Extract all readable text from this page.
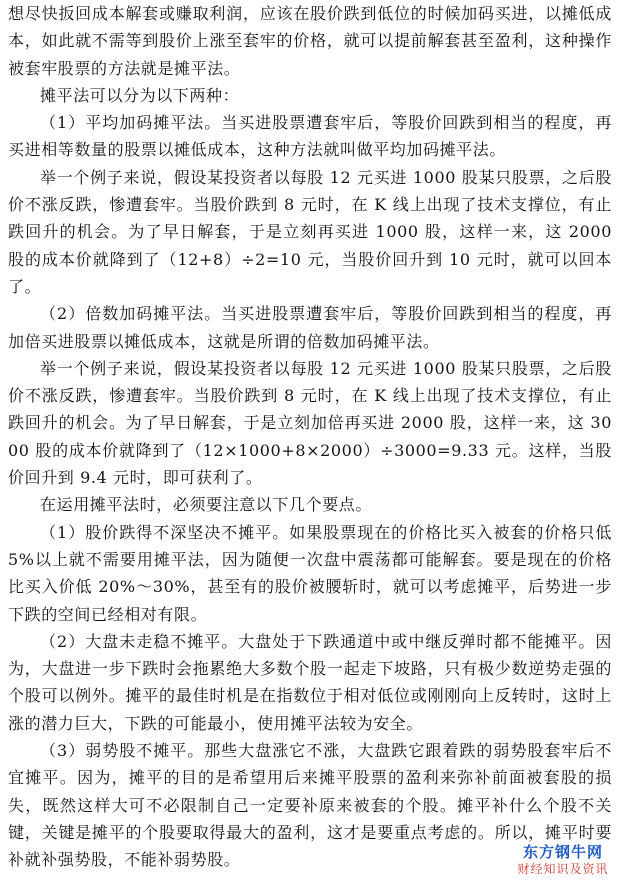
想尽快扳回成本解套或赚取利润，应该在股价跌到低位的时候加码买进，以摊低成本，如此就不需等到股价上涨至套牢的价格，就可以提前解套甚至盈利，这种操作被套牢股票的方法就是摊平法。

摊平法可以分为以下两种：

（1）平均加码摊平法。当买进股票遭套牢后，等股价回跌到相当的程度，再买进相等数量的股票以摊低成本，这种方法就叫做平均加码摊平法。

举一个例子来说，假设某投资者以每股 12 元买进 1000 股某只股票，之后股价不涨反跌，惨遭套牢。当股价跌到 8 元时，在 K 线上出现了技术支撑位，有止跌回升的机会。为了早日解套，于是立刻再买进 1000 股，这样一来，这 2000 股的成本价就降到了（12+8）÷2=10 元，当股价回升到 10 元时，就可以回本了。

（2）倍数加码摊平法。当买进股票遭套牢后，等股价回跌到相当的程度，再加倍买进股票以摊低成本，这就是所谓的倍数加码摊平法。

举一个例子来说，假设某投资者以每股 12 元买进 1000 股某只股票，之后股价不涨反跌，惨遭套牢。当股价跌到 8 元时，在 K 线上出现了技术支撑位，有止跌回升的机会。为了早日解套，于是立刻加倍再买进 2000 股，这样一来，这 3000 股的成本价就降到了（12×1000+8×2000）÷3000=9.33 元。这样，当股价回升到 9.4 元时，即可获利了。

在运用摊平法时，必须要注意以下几个要点。

（1）股价跌得不深坚决不摊平。如果股票现在的价格比买入被套的价格只低 5%以上就不需要用摊平法，因为随便一次盘中震荡都可能解套。要是现在的价格比买入价低 20%～30%，甚至有的股价被腰斩时，就可以考虑摊平，后势进一步下跌的空间已经相对有限。

（2）大盘未走稳不摊平。大盘处于下跌通道中或中继反弹时都不能摊平。因为，大盘进一步下跌时会拖累绝大多数个股一起走下坡路，只有极少数逆势走强的个股可以例外。摊平的最佳时机是在指数位于相对低位或刚刚向上反转时，这时上涨的潜力巨大，下跌的可能最小，使用摊平法较为安全。

（3）弱势股不摊平。那些大盘涨它不涨，大盘跌它跟着跌的弱势股套牢后不宜摊平。因为，摊平的目的是希望用后来摊平股票的盈利来弥补前面被套股的损失，既然这样大可不必限制自己一定要补原来被套的个股。摊平补什么个股不关键，关键是摊平的个股要取得最大的盈利，这才是要重点考虑的。所以，摊平时要补就补强势股，不能补弱势股。	东方钢牛网
财经知识及资讯
